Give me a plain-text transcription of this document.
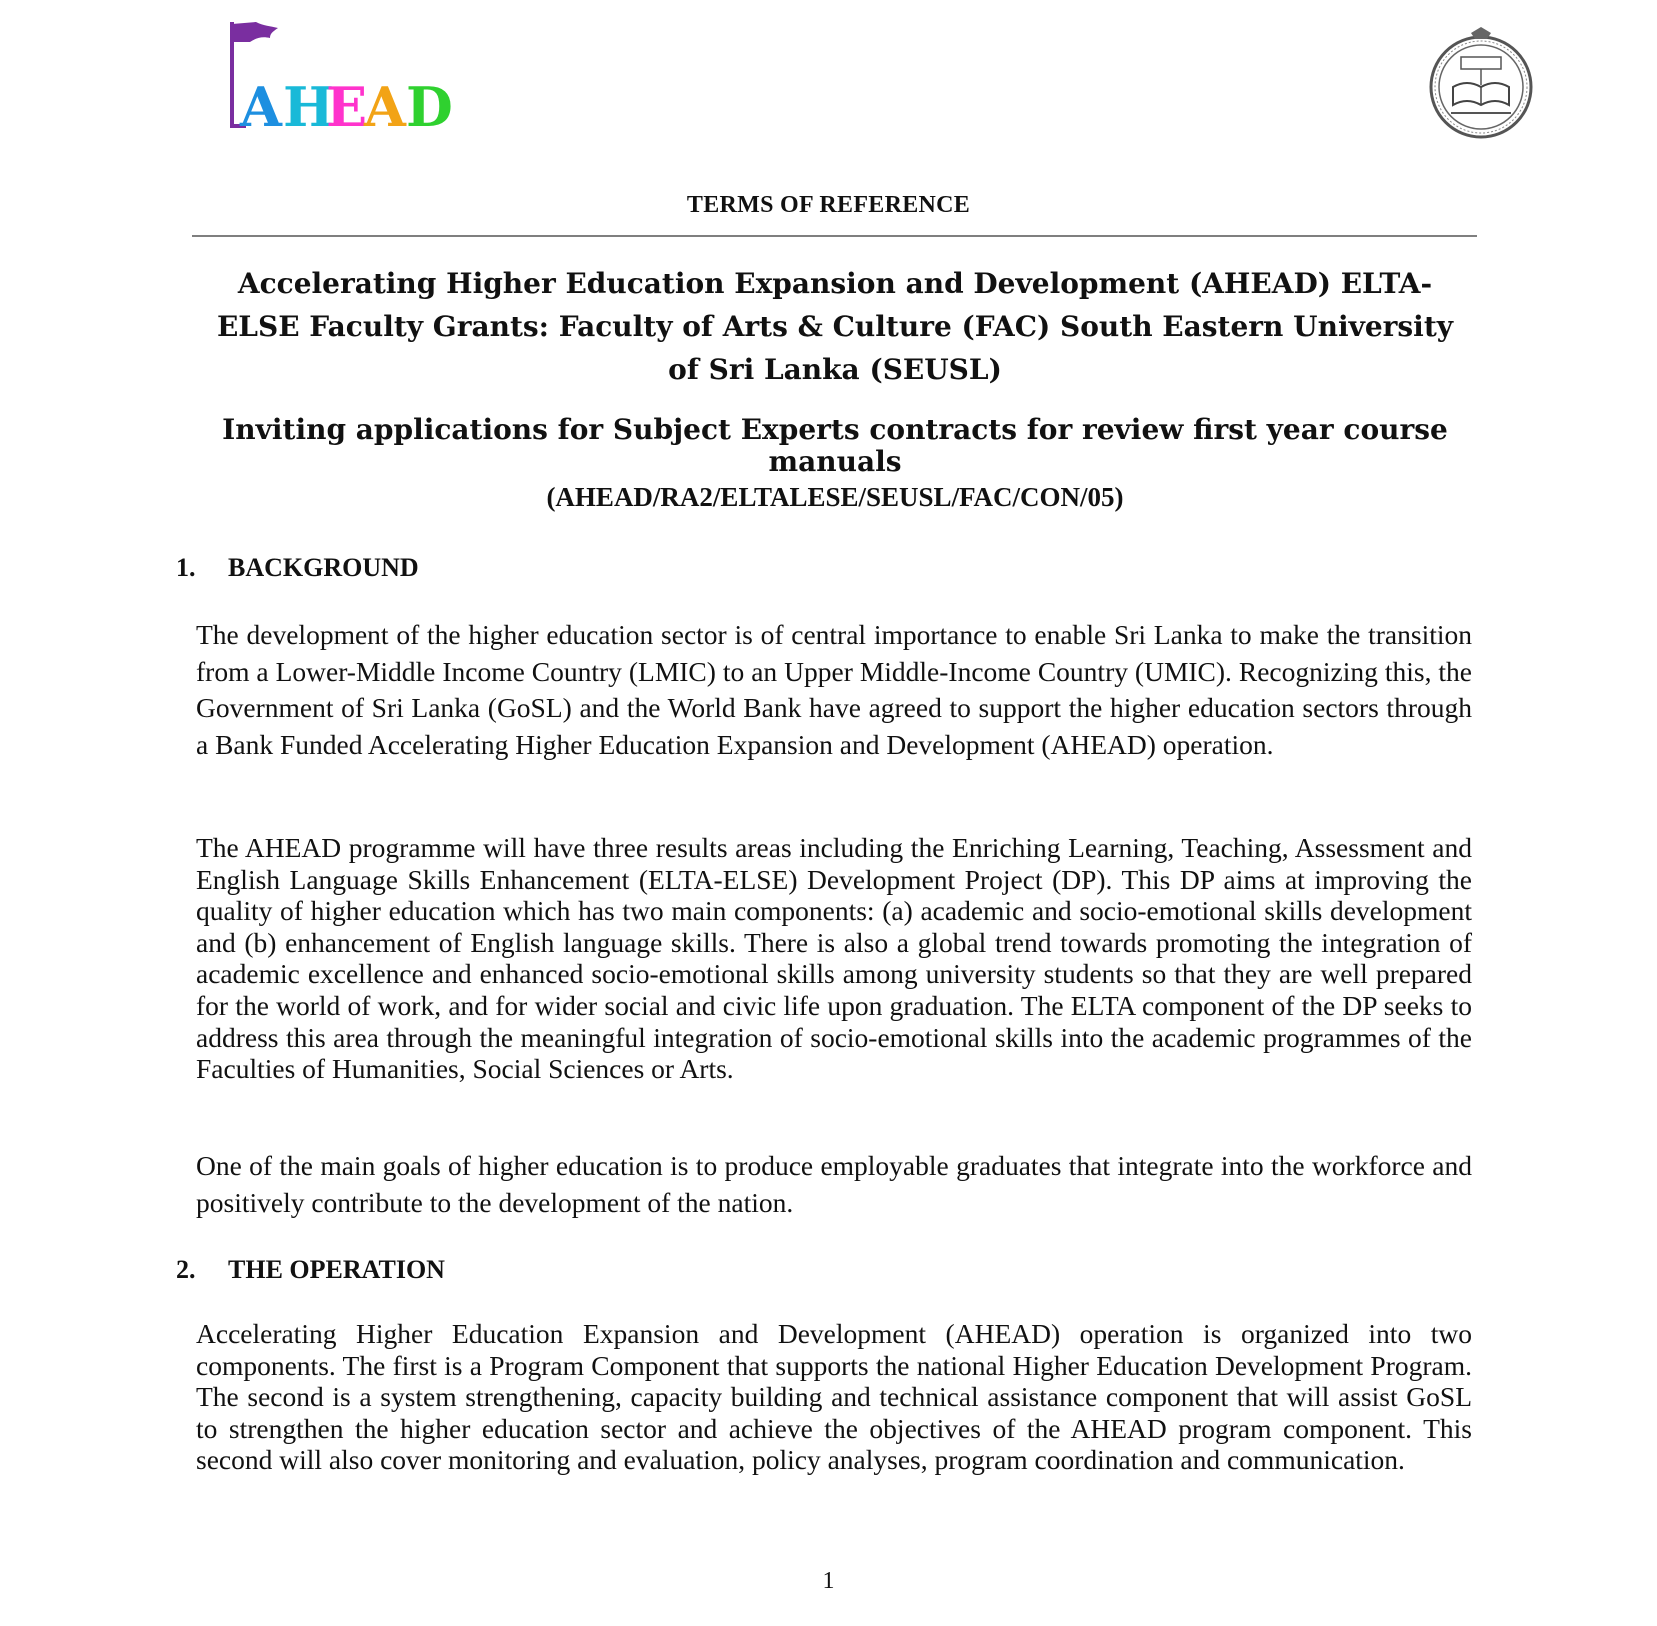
A H
E
A D
TERMS OF REFERENCE
Accelerating Higher Education Expansion and Development (AHEAD) ELTA- ELSE Faculty Grants: Faculty of Arts & Culture (FAC) South Eastern University of Sri Lanka (SEUSL)
Inviting applications for Subject Experts contracts for review first year course manuals
(AHEAD/RA2/ELTALESE/SEUSL/FAC/CON/05)
1. BACKGROUND

The development of the higher education sector is of central importance to enable Sri Lanka to make the transition from a Lower-Middle Income Country (LMIC) to an Upper Middle-Income Country (UMIC). Recognizing this, the Government of Sri Lanka (GoSL) and the World Bank have agreed to support the higher education sectors through a Bank Funded Accelerating Higher Education Expansion and Development (AHEAD) operation.

The AHEAD programme will have three results areas including the Enriching Learning, Teaching, Assessment and English Language Skills Enhancement (ELTA-ELSE) Development Project (DP). This DP aims at improving the quality of higher education which has two main components: (a) academic and socio-emotional skills development and (b) enhancement of English language skills. There is also a global trend towards promoting the integration of academic excellence and enhanced socio-emotional skills among university students so that they are well prepared for the world of work, and for wider social and civic life upon graduation. The ELTA component of the DP seeks to address this area through the meaningful integration of socio-emotional skills into the academic programmes of the Faculties of Humanities, Social Sciences or Arts.

One of the main goals of higher education is to produce employable graduates that integrate into the workforce and positively contribute to the development of the nation.

2. THE OPERATION

Accelerating Higher Education Expansion and Development (AHEAD) operation is organized into two components. The first is a Program Component that supports the national Higher Education Development Program. The second is a system strengthening, capacity building and technical assistance component that will assist GoSL to strengthen the higher education sector and achieve the objectives of the AHEAD program component. This second will also cover monitoring and evaluation, policy analyses, program coordination and communication.

1
